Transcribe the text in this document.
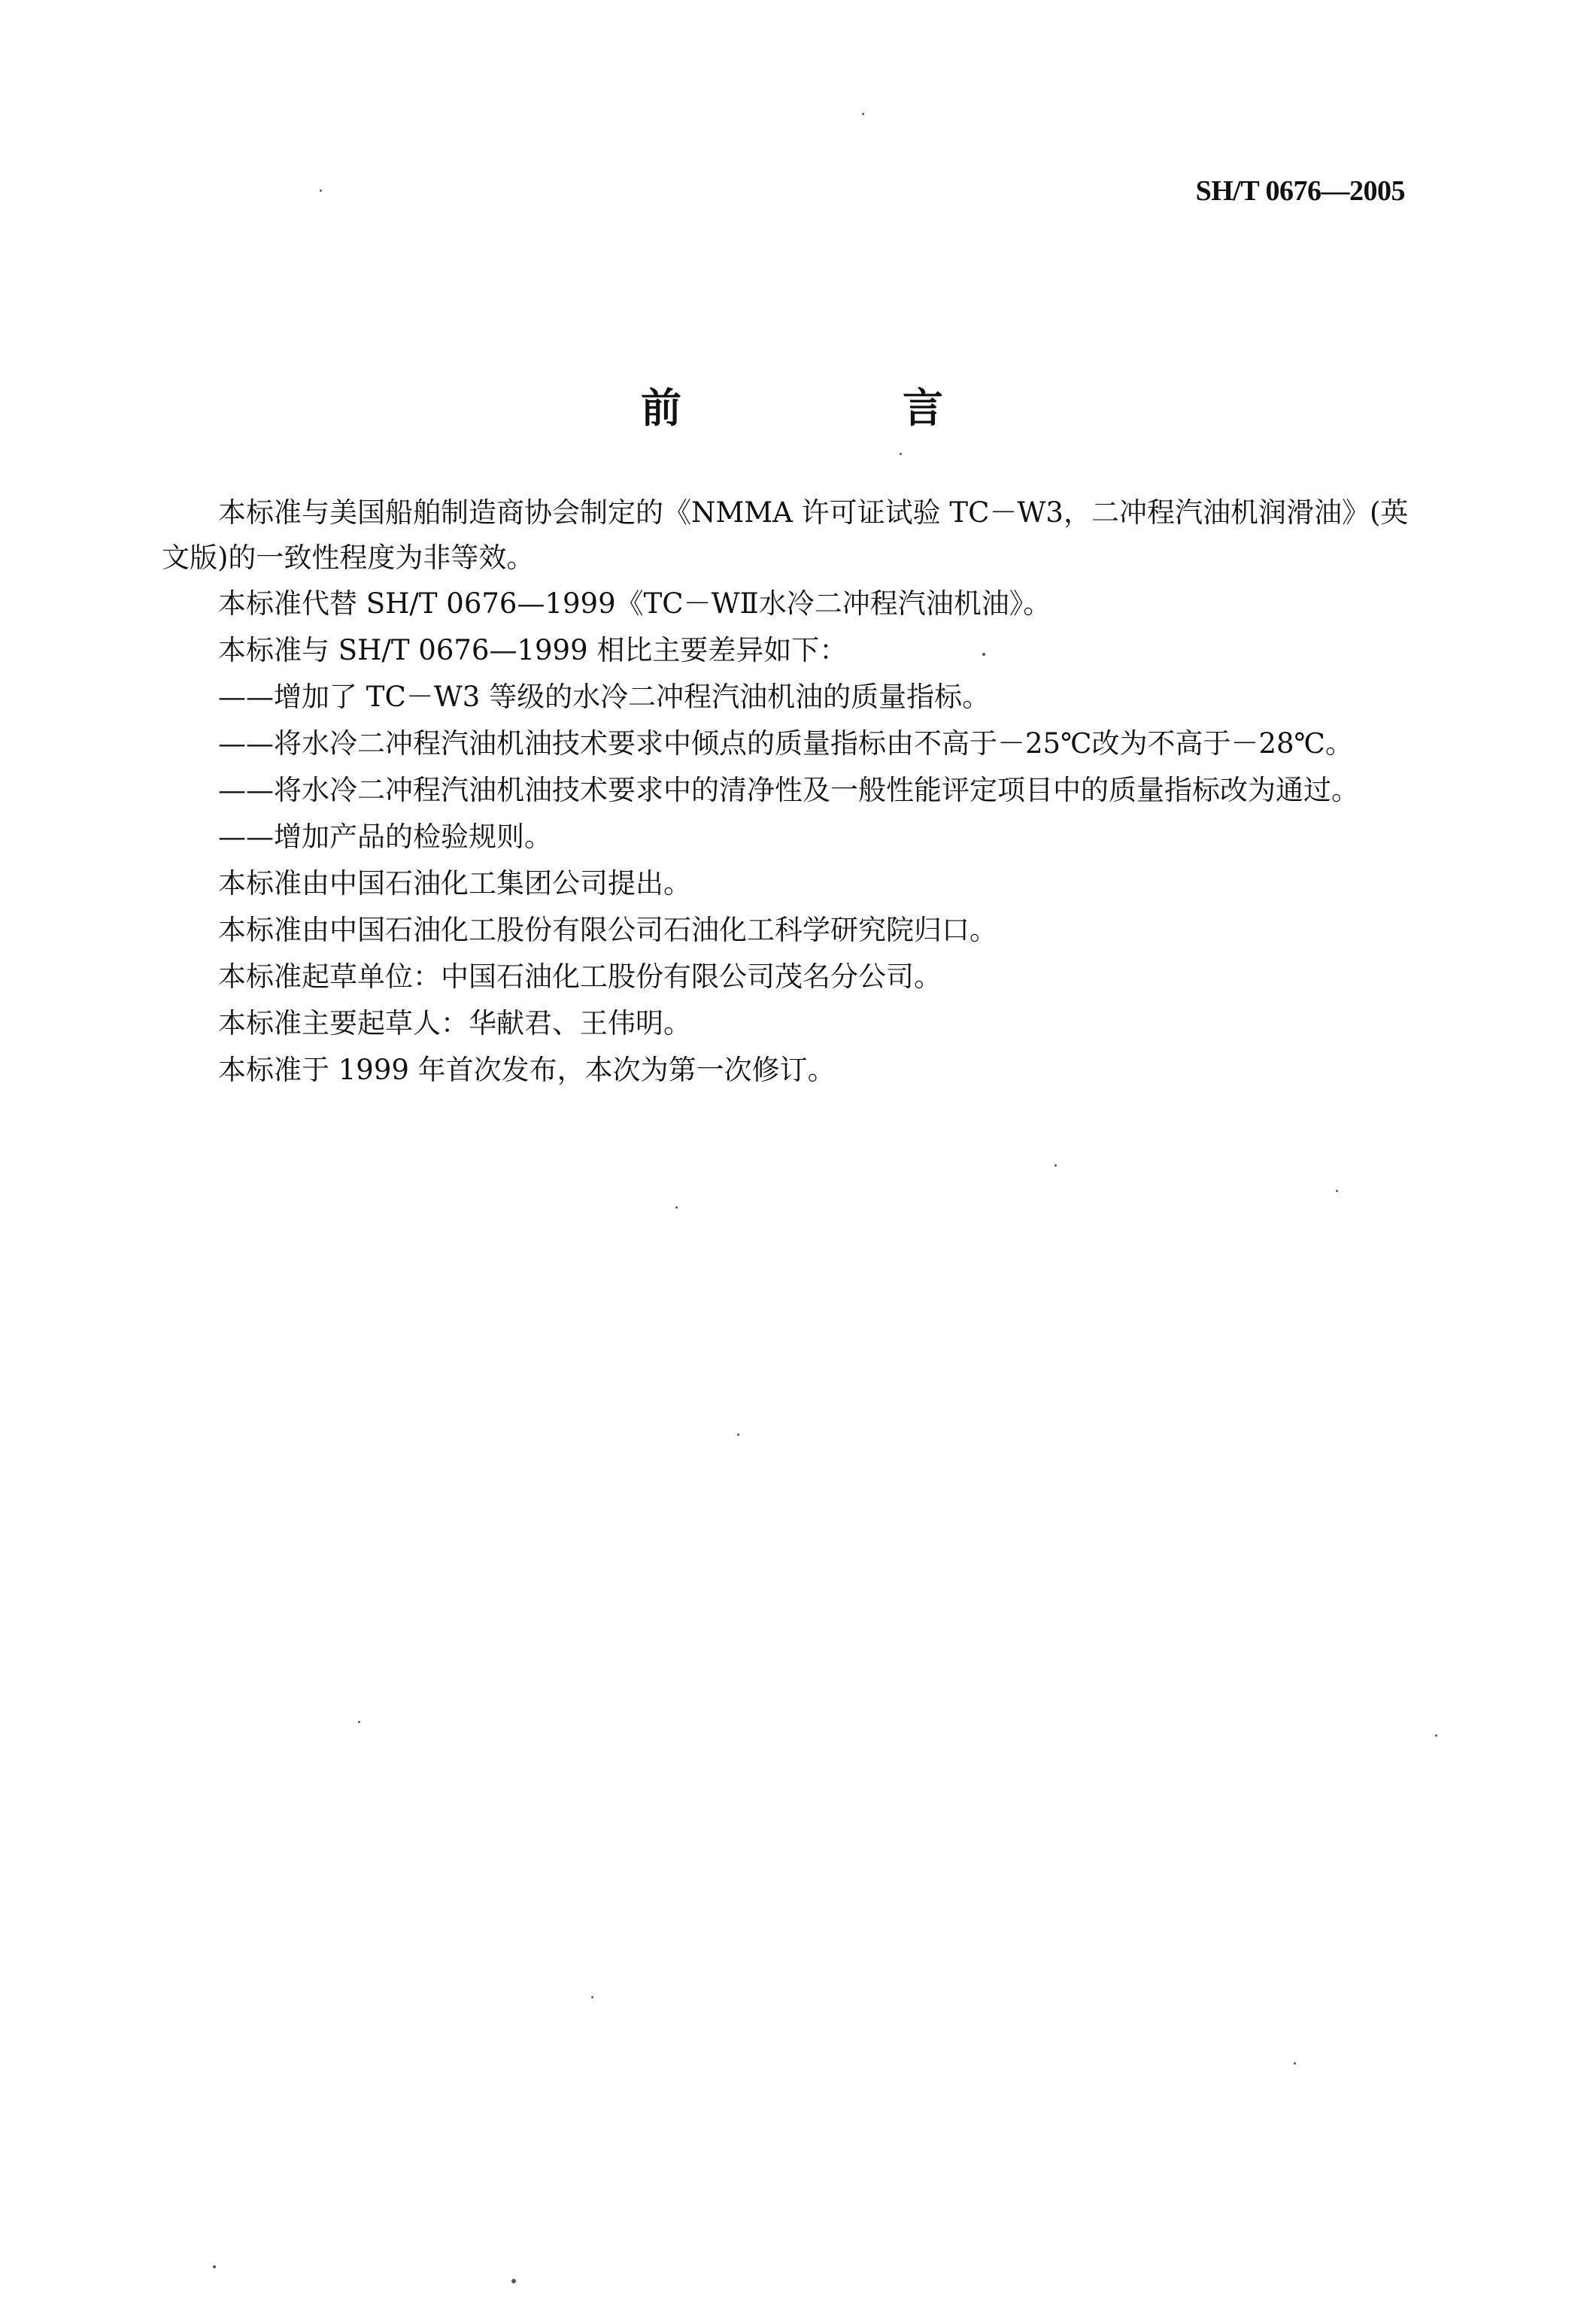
SH/T 0676—2005
前　言

本标准与美国船舶制造商协会制定的《NMMA 许可证试验 TC－W3，二冲程汽油机润滑油》(英文版)的一致性程度为非等效。

本标准代替 SH/T 0676—1999《TC－WⅡ水冷二冲程汽油机油》。

本标准与 SH/T 0676—1999 相比主要差异如下：

——增加了 TC－W3 等级的水冷二冲程汽油机油的质量指标。

——将水冷二冲程汽油机油技术要求中倾点的质量指标由不高于－25℃改为不高于－28℃。

——将水冷二冲程汽油机油技术要求中的清净性及一般性能评定项目中的质量指标改为通过。

——增加产品的检验规则。

本标准由中国石油化工集团公司提出。

本标准由中国石油化工股份有限公司石油化工科学研究院归口。

本标准起草单位：中国石油化工股份有限公司茂名分公司。

本标准主要起草人：华献君、王伟明。

本标准于 1999 年首次发布，本次为第一次修订。
